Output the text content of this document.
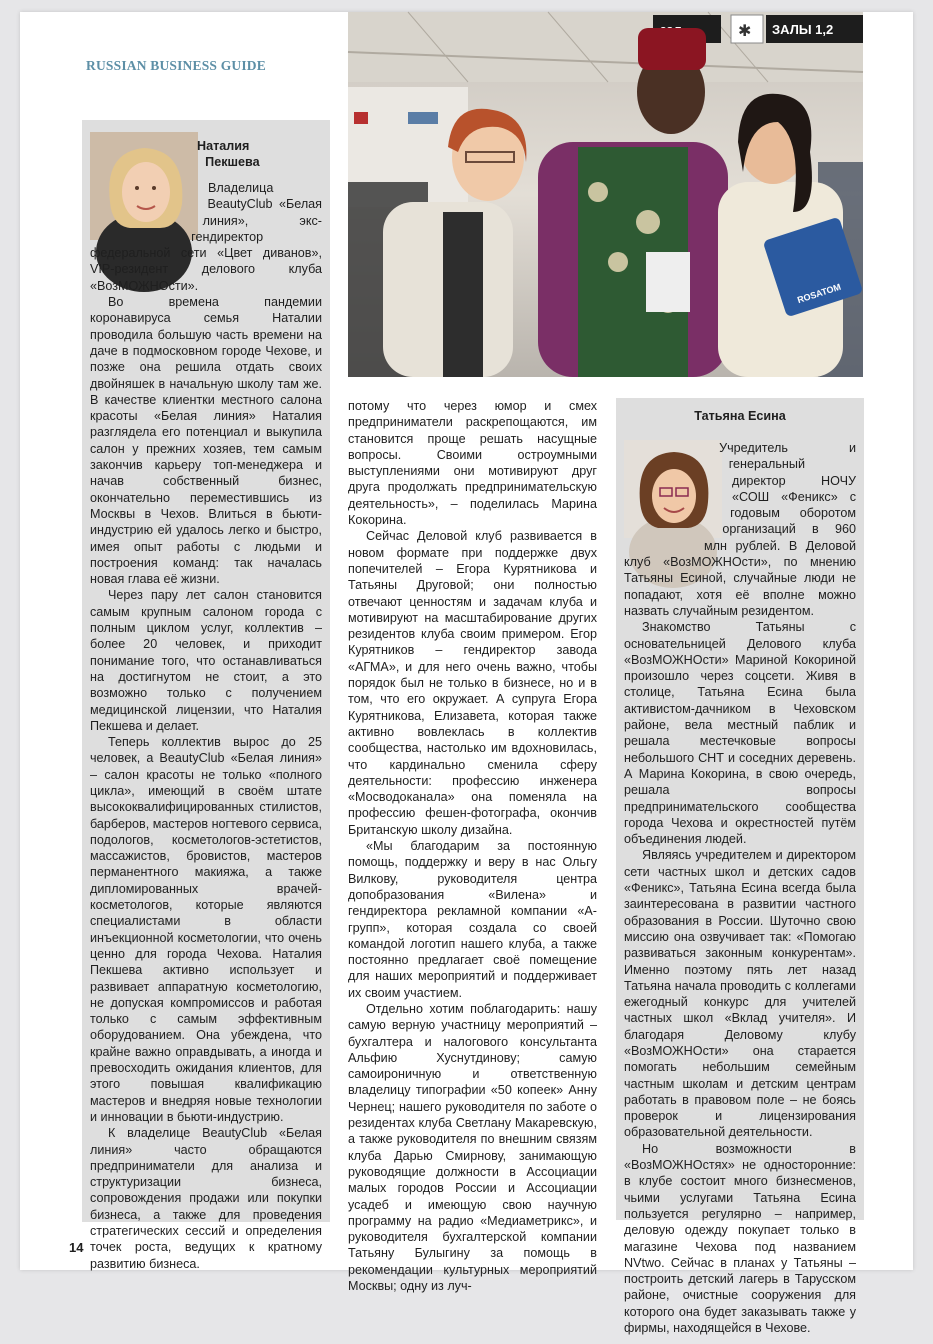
RUSSIAN BUSINESS GUIDE
✱ ЗАЛЫ 1,2
ROSATOM
Наталия
Пекшева

Владелица BeautyClub «Белая линия», экс-гендиректор федеральной сети «Цвет диванов», VIP-резидент делового клуба «ВозМОЖНОсти».

Во времена пандемии коронавируса семья Наталии проводила большую часть времени на даче в подмосковном городе Чехове, и позже она решила отдать своих двойняшек в начальную школу там же. В качестве клиентки местного салона красоты «Белая линия» Наталия разглядела его потенциал и выкупила салон у прежних хозяев, тем самым закончив карьеру топ-менеджера и начав собственный бизнес, окончательно переместившись из Москвы в Чехов. Влиться в бьюти-индустрию ей удалось легко и быстро, имея опыт работы с людьми и построения команд: так началась новая глава её жизни.

Через пару лет салон становится самым крупным салоном города с полным циклом услуг, коллектив – более 20 человек, и приходит понимание того, что останавливаться на достигнутом не стоит, а это возможно только с получением медицинской лицензии, что Наталия Пекшева и делает.

Теперь коллектив вырос до 25 человек, а BeautyClub «Белая линия» – салон красоты не только «полного цикла», имеющий в своём штате высококвалифицированных стилистов, барберов, мастеров ногтевого сервиса, подологов, косметологов-эстетистов, массажистов, бровистов, мастеров перманентного макияжа, а также дипломированных врачей-косметологов, которые являются специалистами в области инъекционной косметологии, что очень ценно для города Чехова. Наталия Пекшева активно использует и развивает аппаратную косметологию, не допуская компромиссов и работая только с самым эффективным оборудованием. Она убеждена, что крайне важно оправдывать, а иногда и превосходить ожидания клиентов, для этого повышая квалификацию мастеров и внедряя новые технологии и инновации в бьюти-индустрию.

К владелице BeautyClub «Белая линия» часто обращаются предприниматели для анализа и структуризации бизнеса, сопровождения продажи или покупки бизнеса, а также для проведения стратегических сессий и определения точек роста, ведущих к кратному развитию бизнеса.

потому что через юмор и смех предприниматели раскрепощаются, им становится проще решать насущные вопросы. Своими остроумными выступлениями они мотивируют друг друга продолжать предпринимательскую деятельность», – поделилась Марина Кокорина.

Сейчас Деловой клуб развивается в новом формате при поддержке двух попечителей – Егора Курятникова и Татьяны Друговой; они полностью отвечают ценностям и задачам клуба и мотивируют на масштабирование других резидентов клуба своим примером. Егор Курятников – гендиректор завода «АГМА», и для него очень важно, чтобы порядок был не только в бизнесе, но и в том, что его окружает. А супруга Егора Курятникова, Елизавета, которая также активно вовлеклась в коллектив сообщества, настолько им вдохновилась, что кардинально сменила сферу деятельности: профессию инженера «Мосводоканала» она поменяла на профессию фешен-фотографа, окончив Британскую школу дизайна.

«Мы благодарим за постоянную помощь, поддержку и веру в нас Ольгу Вилкову, руководителя центра допобразования «Вилена» и гендиректора рекламной компании «А-групп», которая создала со своей командой логотип нашего клуба, а также постоянно предлагает своё помещение для наших мероприятий и поддерживает их своим участием.

Отдельно хотим поблагодарить: нашу самую верную участницу мероприятий – бухгалтера и налогового консультанта Альфию Хуснутдинову; самую самоироничную и ответственную владелицу типографии «50 копеек» Анну Чернец; нашего руководителя по заботе о резидентах клуба Светлану Макаревскую, а также руководителя по внешним связям клуба Дарью Смирнову, занимающую руководящие должности в Ассоциации малых городов России и Ассоциации усадеб и имеющую свою научную программу на радио «Медиаметрикс», и руководителя бухгалтерской компании Татьяну Булыгину за помощь в рекомендации культурных мероприятий Москвы; одну из луч-

Татьяна Есина

Учредитель и генеральный директор НОЧУ «СОШ «Феникс» с годовым оборотом организаций в 960 млн рублей. В Деловой клуб «ВозМОЖНОсти», по мнению Татьяны Есиной, случайные люди не попадают, хотя её вполне можно назвать случайным резидентом.

Знакомство Татьяны с основательницей Делового клуба «ВозМОЖНОсти» Мариной Кокориной произошло через соцсети. Живя в столице, Татьяна Есина была активистом-дачником в Чеховском районе, вела местный паблик и решала местечковые вопросы небольшого СНТ и соседних деревень. А Марина Кокорина, в свою очередь, решала вопросы предпринимательского сообщества города Чехова и окрестностей путём объединения людей.

Являясь учредителем и директором сети частных школ и детских садов «Феникс», Татьяна Есина всегда была заинтересована в развитии частного образования в России. Шуточно свою миссию она озвучивает так: «Помогаю развиваться законным конкурентам». Именно поэтому пять лет назад Татьяна начала проводить с коллегами ежегодный конкурс для учителей частных школ «Вклад учителя». И благодаря Деловому клубу «ВозМОЖНОсти» она старается помогать небольшим семейным частным школам и детским центрам работать в правовом поле – не боясь проверок и лицензирования образовательной деятельности.

Но возможности в «ВозМОЖНОстях» не односторонние: в клубе состоит много бизнесменов, чьими услугами Татьяна Есина пользуется регулярно – например, деловую одежду покупает только в магазине Чехова под названием NVtwo. Сейчас в планах у Татьяны – построить детский лагерь в Тарусском районе, очистные сооружения для которого она будет заказывать также у фирмы, находящейся в Чехове.

14
